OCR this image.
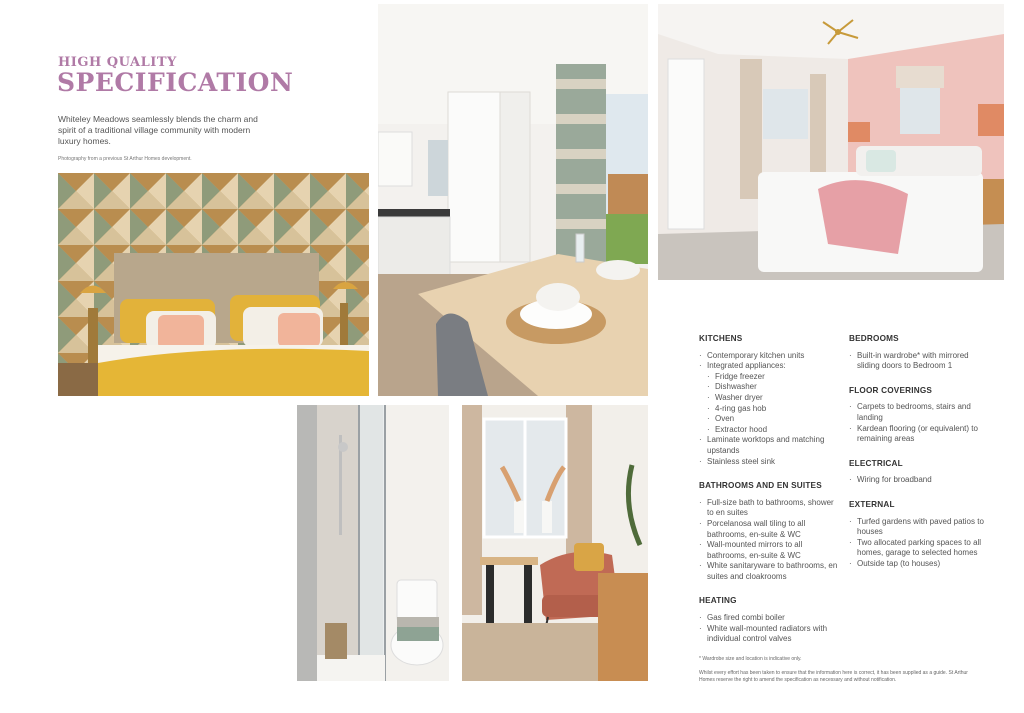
HIGH QUALITY
SPECIFICATION
Whiteley Meadows seamlessly blends the charm and spirit of a traditional village community with modern luxury homes.
Photography from a previous St Arthur Homes development.
KITCHENS
· Contemporary kitchen units
· Integrated appliances:
· Fridge freezer
· Dishwasher
· Washer dryer
· 4-ring gas hob
· Oven
· Extractor hood
· Laminate worktops and matching upstands
· Stainless steel sink
BATHROOMS AND EN SUITES
· Full-size bath to bathrooms, shower to en suites
· Porcelanosa wall tiling to all bathrooms, en-suite & WC
· Wall-mounted mirrors to all bathrooms, en-suite & WC
· White sanitaryware to bathrooms, en suites and cloakrooms
HEATING
· Gas fired combi boiler
· White wall-mounted radiators with individual control valves
BEDROOMS
· Built-in wardrobe* with mirrored sliding doors to Bedroom 1
FLOOR COVERINGS
· Carpets to bedrooms, stairs and landing
· Kardean flooring (or equivalent) to remaining areas
ELECTRICAL
· Wiring for broadband
EXTERNAL
· Turfed gardens with paved patios to houses
· Two allocated parking spaces to all homes, garage to selected homes
· Outside tap (to houses)
* Wardrobe size and location is indicative only.
Whilst every effort has been taken to ensure that the information here is correct, it has been supplied as a guide. St Arthur Homes reserve the right to amend the specification as necessary and without notification.
